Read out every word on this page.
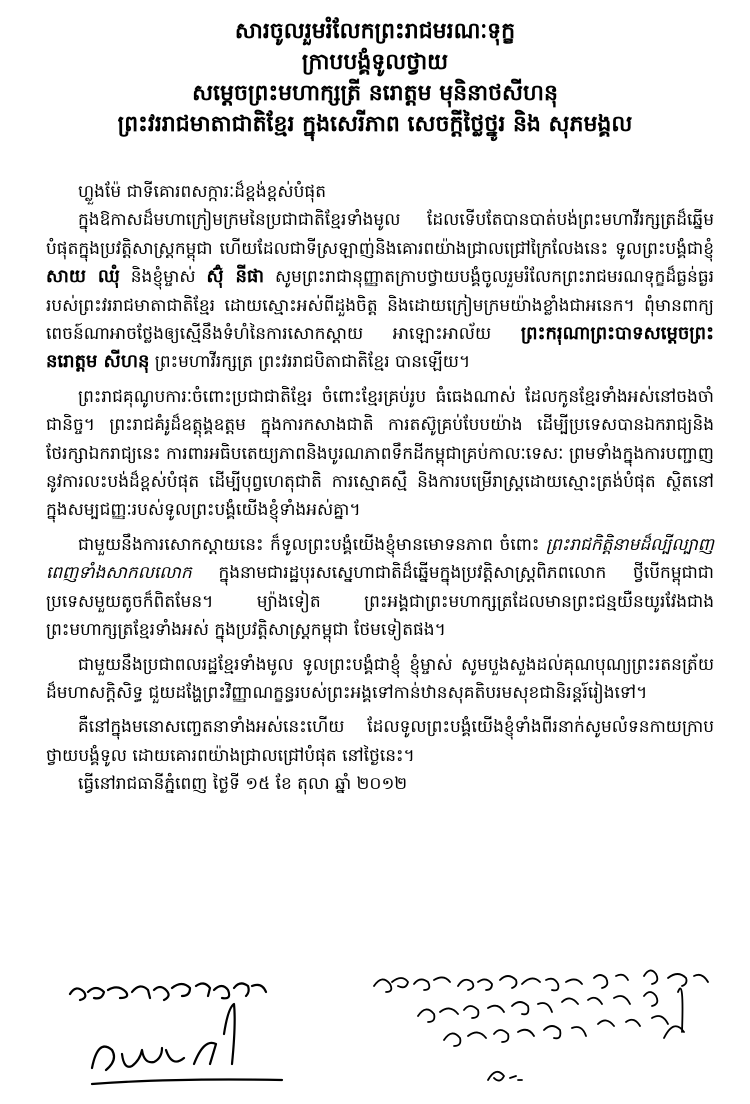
សារចូលរួមរំលែកព្រះរាជមរណៈទុក្ខ

ក្រាបបង្គំទូលថ្វាយ

សម្តេចព្រះមហាក្សត្រី នរោត្តម មុនិនាថសីហនុ

ព្រះវររាជមាតាជាតិខ្មែរ ក្នុងសេរីភាព សេចក្តីថ្លៃថ្នូរ និង សុភមង្គល

ហ្លួងម៉ែ ជាទីគោរពសក្ការៈដ៏ខ្ពង់ខ្ពស់បំផុត

ក្នុងឱកាសដ៏មហាក្រៀមក្រមនៃប្រជាជាតិខ្មែរទាំងមូល ដែលទើបតែបានបាត់បង់ព្រះមហាវីរក្សត្រដ៏ឆ្នើមបំផុតក្នុងប្រវត្តិសាស្ត្រកម្ពុជា ហើយដែលជាទីស្រឡាញ់និងគោរពយ៉ាងជ្រាលជ្រៅក្រៃលែងនេះ ទូលព្រះបង្គំជាខ្ញុំ សាយ ឈុំ និងខ្ញុំម្ចាស់ ស៊ុំ នីផា សូមព្រះរាជានុញ្ញាតក្រាបថ្វាយបង្គំចូលរួមរំលែកព្រះរាជមរណទុក្ខដ៏ធ្ងន់ធ្ងររបស់ព្រះវររាជមាតាជាតិខ្មែរ ដោយស្មោះអស់ពីដួងចិត្ត និងដោយក្រៀមក្រមយ៉ាងខ្លាំងជាអនេក។ ពុំមានពាក្យពេចន៍ណាអាចថ្លែងឲ្យស្មើនឹងទំហំនៃការសោកស្តាយ អាឡោះអាល័យ ព្រះករុណាព្រះបាទសម្តេចព្រះនរោត្តម សីហនុ ព្រះមហាវីរក្សត្រ ព្រះវររាជបិតាជាតិខ្មែរ បានឡើយ។

ព្រះរាជគុណូបការៈចំពោះប្រជាជាតិខ្មែរ ចំពោះខ្មែរគ្រប់រូប ធំធេងណាស់ ដែលកូនខ្មែរទាំងអស់នៅចងចាំជានិច្ច។ ព្រះរាជគំរូដ៏ឧត្តុង្គឧត្តម ក្នុងការកសាងជាតិ ការតស៊ូគ្រប់បែបយ៉ាង ដើម្បីប្រទេសបានឯករាជ្យនិងថែរក្សាឯករាជ្យនេះ ការពារអធិបតេយ្យភាពនិងបូរណភាពទឹកដីកម្ពុជាគ្រប់កាលៈទេសៈ ព្រមទាំងក្នុងការបញ្ជាញនូវការលះបង់ដ៏ខ្ពស់បំផុត ដើម្បីបុព្វហេតុជាតិ ការស្មោគស្មឹ និងការបម្រើរាស្ត្រដោយស្មោះត្រង់បំផុត ស្ថិតនៅក្នុងសម្បជញ្ញៈរបស់ទូលព្រះបង្គំយើងខ្ញុំទាំងអស់គ្នា។

ជាមួយនឹងការសោកស្តាយនេះ ក៏ទូលព្រះបង្គំយើងខ្ញុំមានមោទនភាព ចំពោះ ព្រះរាជកិត្តិនាមដ៏ល្បីល្បាញពេញទាំងសាកលលោក ក្នុងនាមជារដ្ឋបុរសស្នេហាជាតិដ៏ឆ្នើមក្នុងប្រវត្តិសាស្ត្រពិភពលោក ថ្វីបើកម្ពុជាជាប្រទេសមួយតូចក៏ពិតមែន។ ម្យ៉ាងទៀត ព្រះអង្គជាព្រះមហាក្សត្រដែលមានព្រះជន្មយឺនយូរវែងជាងព្រះមហាក្សត្រខ្មែរទាំងអស់ ក្នុងប្រវត្តិសាស្ត្រកម្ពុជា ថែមទៀតផង។

ជាមួយនឹងប្រជាពលរដ្ឋខ្មែរទាំងមូល ទូលព្រះបង្គំជាខ្ញុំ ខ្ញុំម្ចាស់ សូមបួងសួងដល់គុណបុណ្យព្រះរតនត្រ័យដ៏មហាសក្តិសិទ្ធ ជួយដង្ហែព្រះវិញ្ញាណក្ខន្ធរបស់ព្រះអង្គទៅកាន់ឋានសុគតិបរមសុខជានិរន្តរ៍រៀងទៅ។

គឺនៅក្នុងមនោសញ្ចេតនាទាំងអស់នេះហើយ ដែលទូលព្រះបង្គំយើងខ្ញុំទាំងពីរនាក់សូមលំទនកាយក្រាបថ្វាយបង្គំទូល ដោយគោរពយ៉ាងជ្រាលជ្រៅបំផុត នៅថ្ងៃនេះ។

ធ្វើនៅរាជធានីភ្នំពេញ ថ្ងៃទី ១៥ ខែ តុលា ឆ្នាំ ២០១២
